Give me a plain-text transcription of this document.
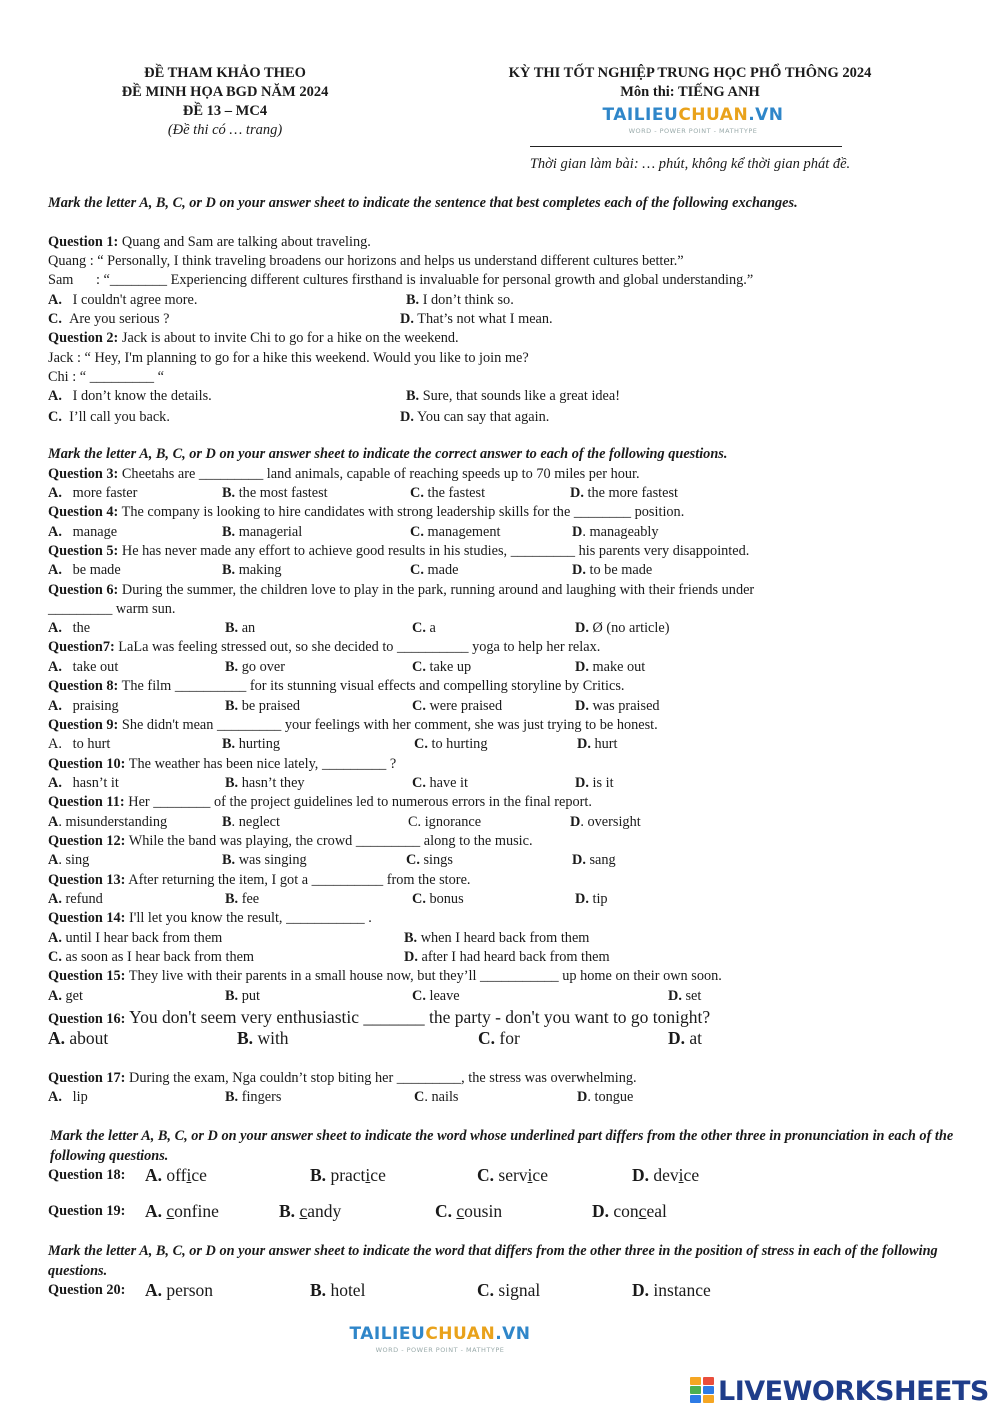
ĐỀ THAM KHẢO THEO
ĐỀ MINH HỌA BGD NĂM 2024
ĐỀ 13 – MC4
(Đề thi có … trang)
KỲ THI TỐT NGHIỆP TRUNG HỌC PHỔ THÔNG 2024
Môn thi: TIẾNG ANH
TAILIEUCHUAN.VN
WORD - POWER POINT - MATHTYPE
Thời gian làm bài: … phút, không kể thời gian phát đề.
Mark the letter A, B, C, or D on your answer sheet to indicate the sentence that best completes each of the following exchanges.
Question 1: Quang and Sam are talking about traveling.
Quang : “ Personally, I think traveling broadens our horizons and helps us understand different cultures better.”
Sam : “________ Experiencing different cultures firsthand is invaluable for personal growth and global understanding.”
A. I couldn't agree more.	B. I don’t think so.
C. Are you serious ?	D. That’s not what I mean.
Question 2: Jack is about to invite Chi to go for a hike on the weekend.
Jack : “ Hey, I'm planning to go for a hike this weekend. Would you like to join me?
Chi : “ _________ “
A. I don’t know the details.	B. Sure, that sounds like a great idea!
C. I’ll call you back.	D. You can say that again.
Mark the letter A, B, C, or D on your answer sheet to indicate the correct answer to each of the following questions.
Question 3: Cheetahs are _________ land animals, capable of reaching speeds up to 70 miles per hour.
A. more faster	B. the most fastest	C. the fastest	D. the more fastest
Question 4: The company is looking to hire candidates with strong leadership skills for the ________ position.
A. manage	B. managerial	C. management	D. manageably
Question 5: He has never made any effort to achieve good results in his studies, _________ his parents very disappointed.
A. be made	B. making	C. made	D. to be made
Question 6: During the summer, the children love to play in the park, running around and laughing with their friends under
_________ warm sun.
A. the	B. an	C. a	D. Ø (no article)
Question7: LaLa was feeling stressed out, so she decided to __________ yoga to help her relax.
A. take out	B. go over	C. take up	D. make out
Question 8: The film __________ for its stunning visual effects and compelling storyline by Critics.
A. praising	B. be praised	C. were praised	D. was praised
Question 9: She didn't mean _________ your feelings with her comment, she was just trying to be honest.
A. to hurt	B. hurting	C. to hurting	D. hurt
Question 10: The weather has been nice lately, _________ ?
A. hasn’t it	B. hasn’t they	C. have it	D. is it
Question 11: Her ________ of the project guidelines led to numerous errors in the final report.
A. misunderstanding	B. neglect	C. ignorance	D. oversight
Question 12: While the band was playing, the crowd _________ along to the music.
A. sing	B. was singing	C. sings	D. sang
Question 13: After returning the item, I got a __________ from the store.
A. refund	B. fee	C. bonus	D. tip
Question 14: I'll let you know the result, ___________ .
A. until I hear back from them	B. when I heard back from them
C. as soon as I hear back from them	D. after I had heard back from them
Question 15: They live with their parents in a small house now, but they’ll ___________ up home on their own soon.
A. get	B. put	C. leave	D. set
Question 16: You don't seem very enthusiastic _______ the party - don't you want to go tonight?
A. about	B. with	C. for	D. at
Question 17: During the exam, Nga couldn’t stop biting her _________, the stress was overwhelming.
A. lip	B. fingers	C. nails	D. tongue
Mark the letter A, B, C, or D on your answer sheet to indicate the word whose underlined part differs from the other three in pronunciation in each of the following questions.
Question 18: A. office	B. practice	C. service	D. device
Question 19: A. confine	B. candy	C. cousin	D. conceal
Mark the letter A, B, C, or D on your answer sheet to indicate the word that differs from the other three in the position of stress in each of the following questions.
Question 20: A. person	B. hotel	C. signal	D. instance
TAILIEUCHUAN.VN
WORD - POWER POINT - MATHTYPE
LIVEWORKSHEETS
